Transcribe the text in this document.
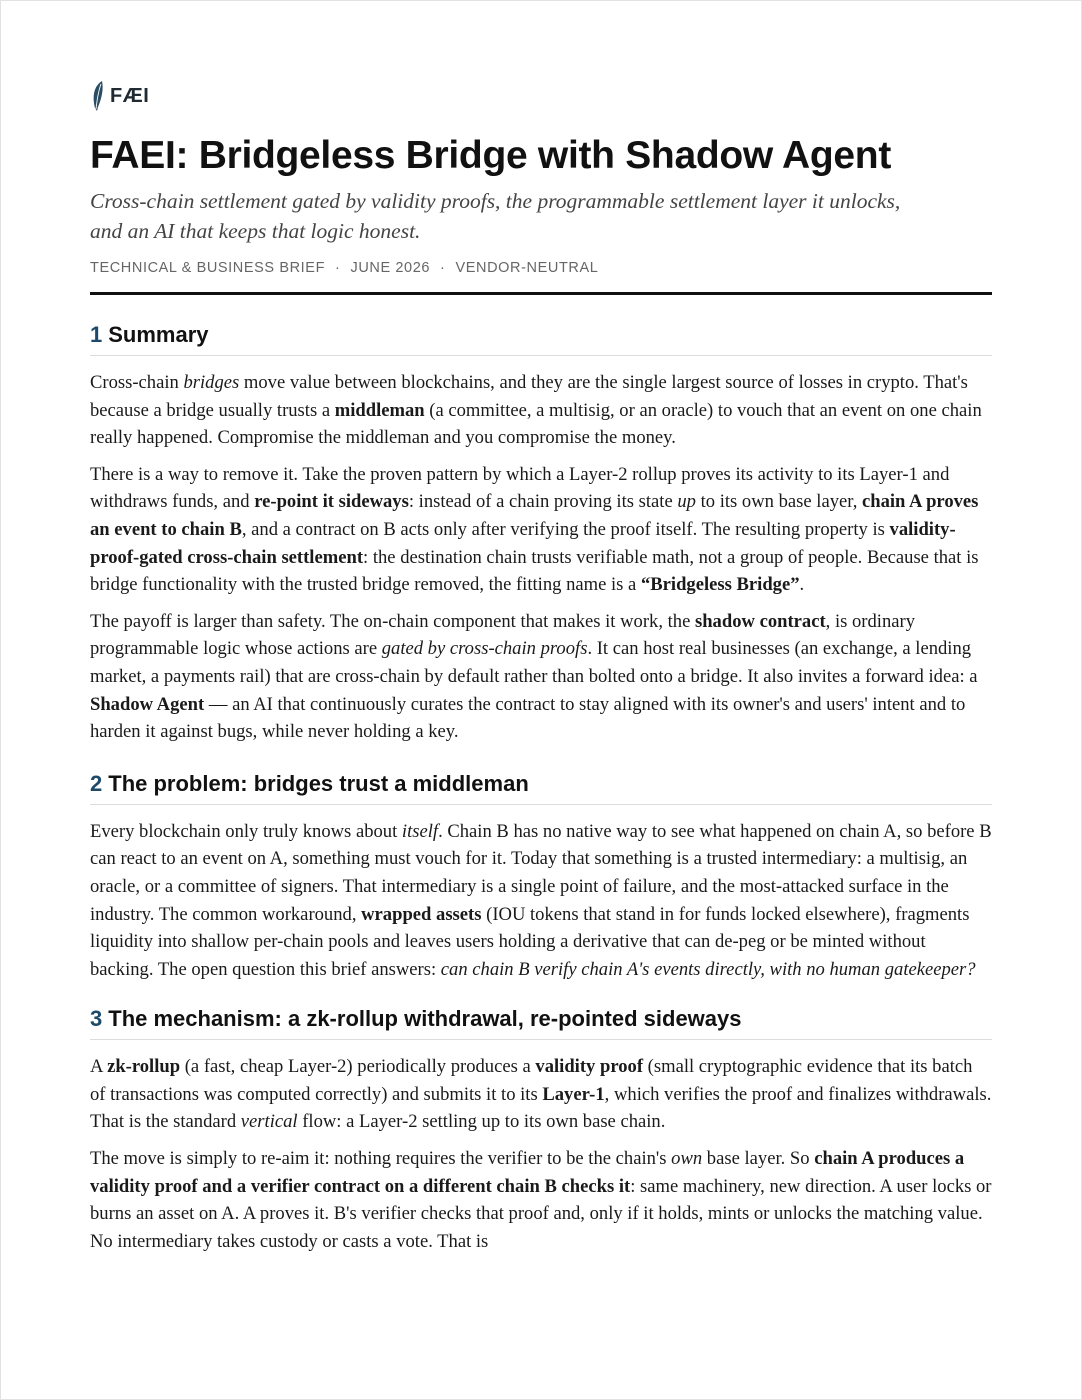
FÆI
FAEI: Bridgeless Bridge with Shadow Agent
Cross-chain settlement gated by validity proofs, the programmable settlement layer it unlocks,
and an AI that keeps that logic honest.
TECHNICAL & BUSINESS BRIEF · JUNE 2026 · VENDOR-NEUTRAL
1 Summary

Cross-chain bridges move value between blockchains, and they are the single largest source of losses in crypto. That's because a bridge usually trusts a middleman (a committee, a multisig, or an oracle) to vouch that an event on one chain really happened. Compromise the middleman and you compromise the money.

There is a way to remove it. Take the proven pattern by which a Layer-2 rollup proves its activity to its Layer-1 and withdraws funds, and re-point it sideways: instead of a chain proving its state up to its own base layer, chain A proves an event to chain B, and a contract on B acts only after verifying the proof itself. The resulting property is validity-proof-gated cross-chain settlement: the destination chain trusts verifiable math, not a group of people. Because that is bridge functionality with the trusted bridge removed, the fitting name is a “Bridgeless Bridge”.

The payoff is larger than safety. The on-chain component that makes it work, the shadow contract, is ordinary programmable logic whose actions are gated by cross-chain proofs. It can host real businesses (an exchange, a lending market, a payments rail) that are cross-chain by default rather than bolted onto a bridge. It also invites a forward idea: a Shadow Agent — an AI that continuously curates the contract to stay aligned with its owner's and users' intent and to harden it against bugs, while never holding a key.

2 The problem: bridges trust a middleman

Every blockchain only truly knows about itself. Chain B has no native way to see what happened on chain A, so before B can react to an event on A, something must vouch for it. Today that something is a trusted intermediary: a multisig, an oracle, or a committee of signers. That intermediary is a single point of failure, and the most-attacked surface in the industry. The common workaround, wrapped assets (IOU tokens that stand in for funds locked elsewhere), fragments liquidity into shallow per-chain pools and leaves users holding a derivative that can de-peg or be minted without backing. The open question this brief answers: can chain B verify chain A's events directly, with no human gatekeeper?

3 The mechanism: a zk-rollup withdrawal, re-pointed sideways

A zk-rollup (a fast, cheap Layer-2) periodically produces a validity proof (small cryptographic evidence that its batch of transactions was computed correctly) and submits it to its Layer-1, which verifies the proof and finalizes withdrawals. That is the standard vertical flow: a Layer-2 settling up to its own base chain.

The move is simply to re-aim it: nothing requires the verifier to be the chain's own base layer. So chain A produces a validity proof and a verifier contract on a different chain B checks it: same machinery, new direction. A user locks or burns an asset on A. A proves it. B's verifier checks that proof and, only if it holds, mints or unlocks the matching value. No intermediary takes custody or casts a vote. That is
